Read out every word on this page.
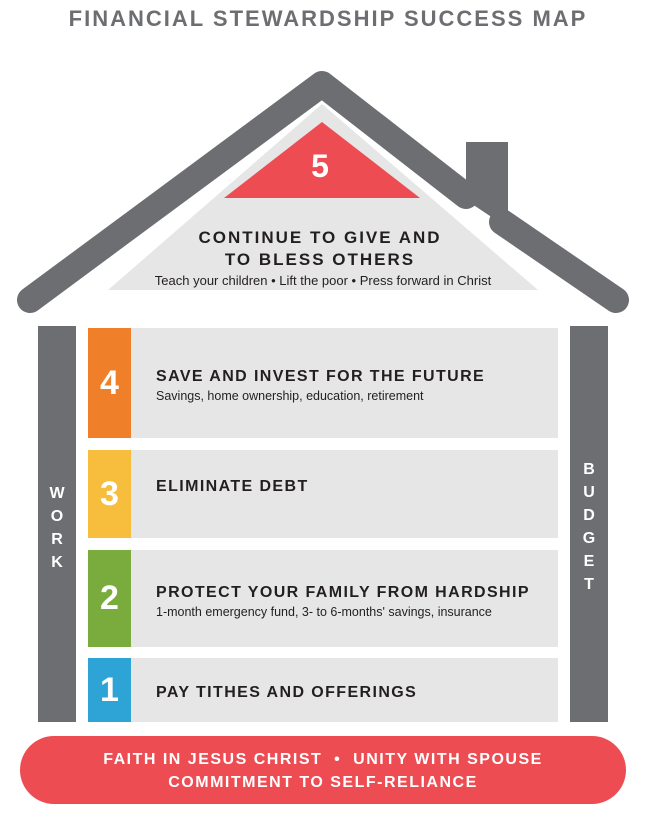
FINANCIAL STEWARDSHIP SUCCESS MAP
5
CONTINUE TO GIVE AND
TO BLESS OTHERS
Teach your children • Lift the poor • Press forward in Christ
W
O
R
K
B
U
D
G
E
T
4	SAVE AND INVEST FOR THE FUTURE
Savings, home ownership, education, retirement
3	ELIMINATE DEBT
2	PROTECT YOUR FAMILY FROM HARDSHIP
1-month emergency fund, 3- to 6-months' savings, insurance
1	PAY TITHES AND OFFERINGS
FAITH IN JESUS CHRIST  •  UNITY WITH SPOUSE
COMMITMENT TO SELF-RELIANCE
